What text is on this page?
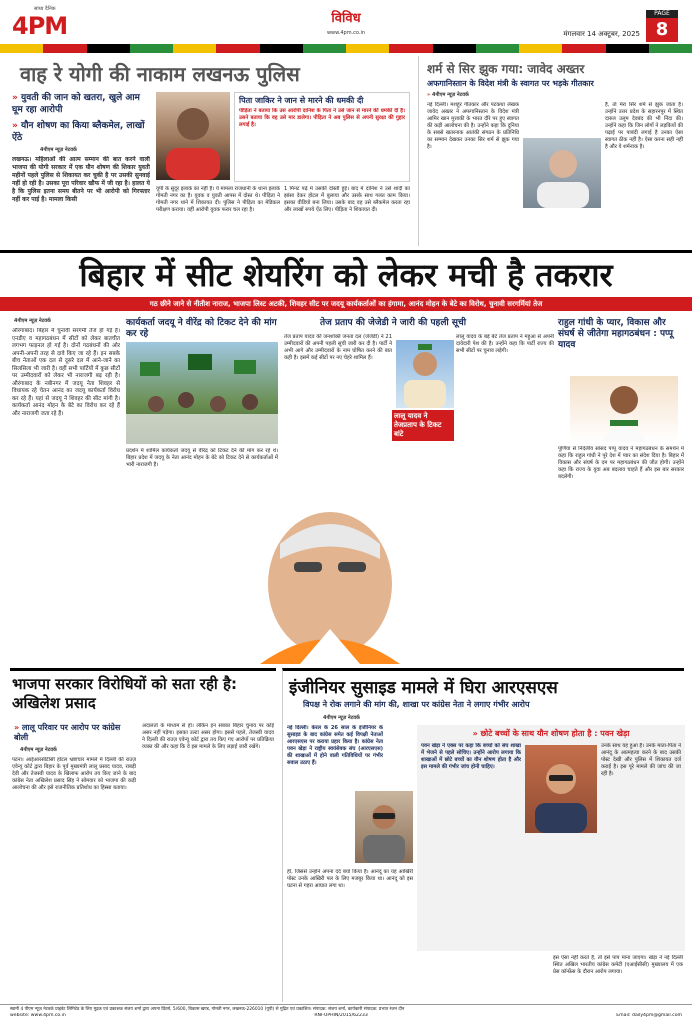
सांध्य दैनिक
4PM	विविध
www.4pm.co.in	मंगलवार 14 अक्टूबर, 2025
PAGE
8
वाह रे योगी की नाकाम लखनऊ पुलिस
» युवती की जान को खतरा, खुले आम घूम रहा आरोपी
» यौन शोषण का किया ब्लैकमेल, लाखों ऐंठे
4पीएम न्यूज़ नेटवर्क
पिता जाकिर ने जान से मारने की धमकी दी
पीड़िता ने बताया कि उस आरोपी दानिश के पिता ने उसे जान से मारने की धमकी दी है। उसने बताया कि वह उसे मार डालेगा। पीड़िता ने अब पुलिस से अपनी सुरक्षा की गुहार लगाई है।
लखनऊ। महिलाओं की आत्म सम्मान की बात करने वाली भाजपा की योगी सरकार में एक यौन शोषण की शिकार युवती महीनों पहले पुलिस से शिकायत कर चुकी है पर उसकी सुनवाई नहीं हो रही है। उसका पूरा परिवार खौफ में जी रहा है। हालत ये है कि पुलिस इतना समय बीतने पर भी आरोपी को गिरफ्तार नहीं कर पाई है। मामला किसी
यूपी के सुदूर इलाके का नहीं है। ये मामला राजधानी के थाना इलाके गोमती नगर का है। युवक व युवती आपस में दोस्त थे। पीड़िता ने गोमती नगर थाने में शिकायत दी। पुलिस ने पीड़िता का मेडिकल परीक्षण कराया। वहीं आरोपी युवक फरार चल रहा है।
1 मिनट पढ़ें में उसकी दोस्ती हुई। बाद में दानिश ने उसे शादी का झांसा देकर होटल में बुलाया और उसके साथ गलत काम किया। इसका वीडियो बना लिया। उसके बाद वह उसे ब्लैकमेल करता रहा और लाखों रुपये ऐंठ लिए। पीड़िता ने शिकायत दी।
शर्म से सिर झुक गया: जावेद अख्तर
अफगानिस्तान के विदेश मंत्री के स्वागत पर भड़के गीतकार
» 4पीएम न्यूज़ नेटवर्क
नई दिल्ली। मशहूर गीतकार और पटकथा लेखक जावेद अख्तर ने अफगानिस्तान के विदेश मंत्री आमिर खान मुत्ताकी के भारत दौरे पर हुए स्वागत की कड़ी आलोचना की है। उन्होंने कहा कि दुनिया के सबसे खतरनाक आतंकी संगठन के प्रतिनिधि का सम्मान देखकर उनका सिर शर्म से झुक गया है।
है, तो मेरा सिर शर्म से झुक जाता है। उन्होंने उत्तर प्रदेश के सहारनपुर में स्थित दारुल उलूम देवबंद की भी निंदा की। उन्होंने कहा कि जिन लोगों ने लड़कियों की पढ़ाई पर पाबंदी लगाई है उनका ऐसा स्वागत ठीक नहीं है। ऐसा करना सही नहीं है और ये शर्मनाक है।
बिहार में सीट शेयरिंग को लेकर मची है तकरार
गठ छीने जाने से नीतीश नाराज, भाजपा लिस्ट अटकी, शिवहर सीट पर जदयू कार्यकर्ताओं का हंगामा, आनंद मोहन के बेटे का विरोध, चुनावी सरगर्मियां तेज
4पीएम न्यूज़ नेटवर्क
औरंगाबाद। बिहार में चुनावी सरगर्मी तेज हो गई है। एनडीए व महागठबंधन में सीटों को लेकर बातचीत लगभग फाइनल हो गई है। दोनों गठबंधनों की ओर अपनी-अपनी तरह से दावे किए जा रहे हैं। इन सबके बीच नेताओं एक दल से दूसरे दल में आने-जाने का सिलसिला भी जारी है। वहीं सभी पार्टियों में कुछ सीटों पर उम्मीदवारों को लेकर भी नाराजगी बढ़ रही है। औरंगाबाद के नबीनगर में जदयू नेता शिवहर से विधायक रहे चेतन आनंद का जदयू कार्यकर्ता विरोध कर रहे हैं। यहां से जदयू ने शिवहर की सीट मांगी है। कार्यकर्ता आनंद मोहन के बेटे का विरोध कर रहे हैं और नाराजगी जता रहे हैं।
कार्यकर्ता जदयू ने वीरेंद्र को टिकट देने की मांग कर रहे
प्रदर्शन में शामिल कार्यकर्ता जदयू से वीरेंद्र को टिकट देने की मांग कर रहे थे। बिहार प्रदेश में जदयू के नेता आनंद मोहन के बेटे को टिकट देने से कार्यकर्ताओं में भारी नाराजगी है।
तेज प्रताप की जेजेडी ने जारी की पहली सूची
तेज प्रताप यादव की जनशक्ति जनता दल (जेजेडी) ने 21 उम्मीदवारों की अपनी पहली सूची जारी कर दी है। पार्टी ने अभी आगे और उम्मीदवारों के नाम घोषित करने की बात कही है। इसमें कई सीटों पर नए चेहरे शामिल हैं।
लालू यादव ने तेजप्रताप के टिकट बांटे
लालू यादव के बड़े बेटे तेज प्रताप ने महुआ से अपनी दावेदारी पेश की है। उन्होंने कहा कि पार्टी राज्य की सभी सीटों पर चुनाव लड़ेगी।
राहुल गांधी के प्यार, विकास और संघर्ष से जीतेगा महागठबंधन : पप्पू यादव
पूर्णिया से निर्दलीय सांसद पप्पू यादव ने महागठबंधन के समर्थन में कहा कि राहुल गांधी ने पूरे देश में प्यार का संदेश दिया है। बिहार में विकास और संघर्ष के दम पर महागठबंधन की जीत होगी। उन्होंने कहा कि राज्य के युवा अब बदलाव चाहते हैं और इस बार सरकार बदलेगी।
भाजपा सरकार विरोधियों को सता रही है: अखिलेश प्रसाद
» लालू परिवार पर आरोप पर कांग्रेस बोली
4पीएम न्यूज़ नेटवर्क
पटना। आईआरसीटीसी होटल भ्रष्टाचार मामले में दिल्ली की राउज़ एवेन्यू कोर्ट द्वारा बिहार के पूर्व मुख्यमंत्री लालू प्रसाद यादव, राबड़ी देवी और तेजस्वी यादव के खिलाफ आरोप तय किए जाने के बाद कांग्रेस नेता अखिलेश प्रसाद सिंह ने सोमवार को भाजपा की कड़ी आलोचना की और इसे राजनीतिक प्रतिशोध का हिस्सा बताया।
अदालतों के माध्यम से हो। लेकिन इन सबका बिहार चुनाव पर कोई असर नहीं पड़ेगा। इसका उल्टा असर होगा। इससे पहले, तेजस्वी यादव ने दिल्ली की राउज़ एवेन्यू कोर्ट द्वारा तय किए गए आरोपों पर प्रतिक्रिया व्यक्त की और कहा कि वे इस मामले के लिए लड़ाई जारी रखेंगे।
इंजीनियर सुसाइड मामले में घिरा आरएसएस
विपक्ष ने रोक लगाने की मांग की, शाखा पर कांग्रेस नेता ने लगाए गंभीर आरोप
4पीएम न्यूज़ नेटवर्क
नई दिल्ली। केरल के 26 साल के इंजीनियर के सुसाइड के बाद कांग्रेस समेत कई विपक्षी नेताओं आरएसएस पर कराया प्रहार किया है। कांग्रेस नेता पवन खेड़ा ने राष्ट्रीय स्वयंसेवक संघ (आरएसएस) की शाखाओं में होने वाली गतिविधियों पर गंभीर सवाल उठाए हैं।
ही, जिससे उन्होंने अपना दर्द बयां किया है। आनंदू का यह आखिरी पोस्ट उनके आखिरी पल के लिए मजबूर किया था। आनंदू को इस घटना से गहरा आघात लगा था।
» छोटे बच्चों के साथ यौन शोषण होता है : पवन खेड़ा
पवन खेड़ा ने एक्स पर कहा कि बच्चों को संघ शाखा में भेजने से पहले सोचिए। उन्होंने आरोप लगाया कि शाखाओं में छोटे बच्चों का यौन शोषण होता है और इस मामले की गंभीर जांच होनी चाहिए।
उनके साथ यह हुआ है। उनके माता-पिता ने आनंदू के आत्महत्या करने के बाद उसकी पोस्ट देखी और पुलिस में शिकायत दर्ज कराई है। इस पूरे मामले की जांच की जा रही है।
इस ऐसा नहीं करते हैं, तो इसे पाप माना जाएगा। खेड़ा ने नई दिल्ली स्थित अखिल भारतीय कांग्रेस कमेटी (एआईसीसी) मुख्यालय में एक प्रेस कॉन्फ्रेंस के दौरान आरोप लगाया।
स्वामी 4 पीएम न्यूज़ नेटवर्क प्राइवेट लिमिटेड के लिए मुद्रक एवं प्रकाशक संजय शर्मा द्वारा अपना प्रिंटर्स, 5/600, विकास खण्ड, गोमती नगर, लखनऊ-226010 (यूपी) से मुद्रित एवं प्रकाशित। संपादक: संजय शर्मा, कार्यकारी संपादक: प्रभात रंजन दीन
website: www.4pm.co.in	RNI-UPHIN/2015/62233	Email: daily4pm@gmail.com
